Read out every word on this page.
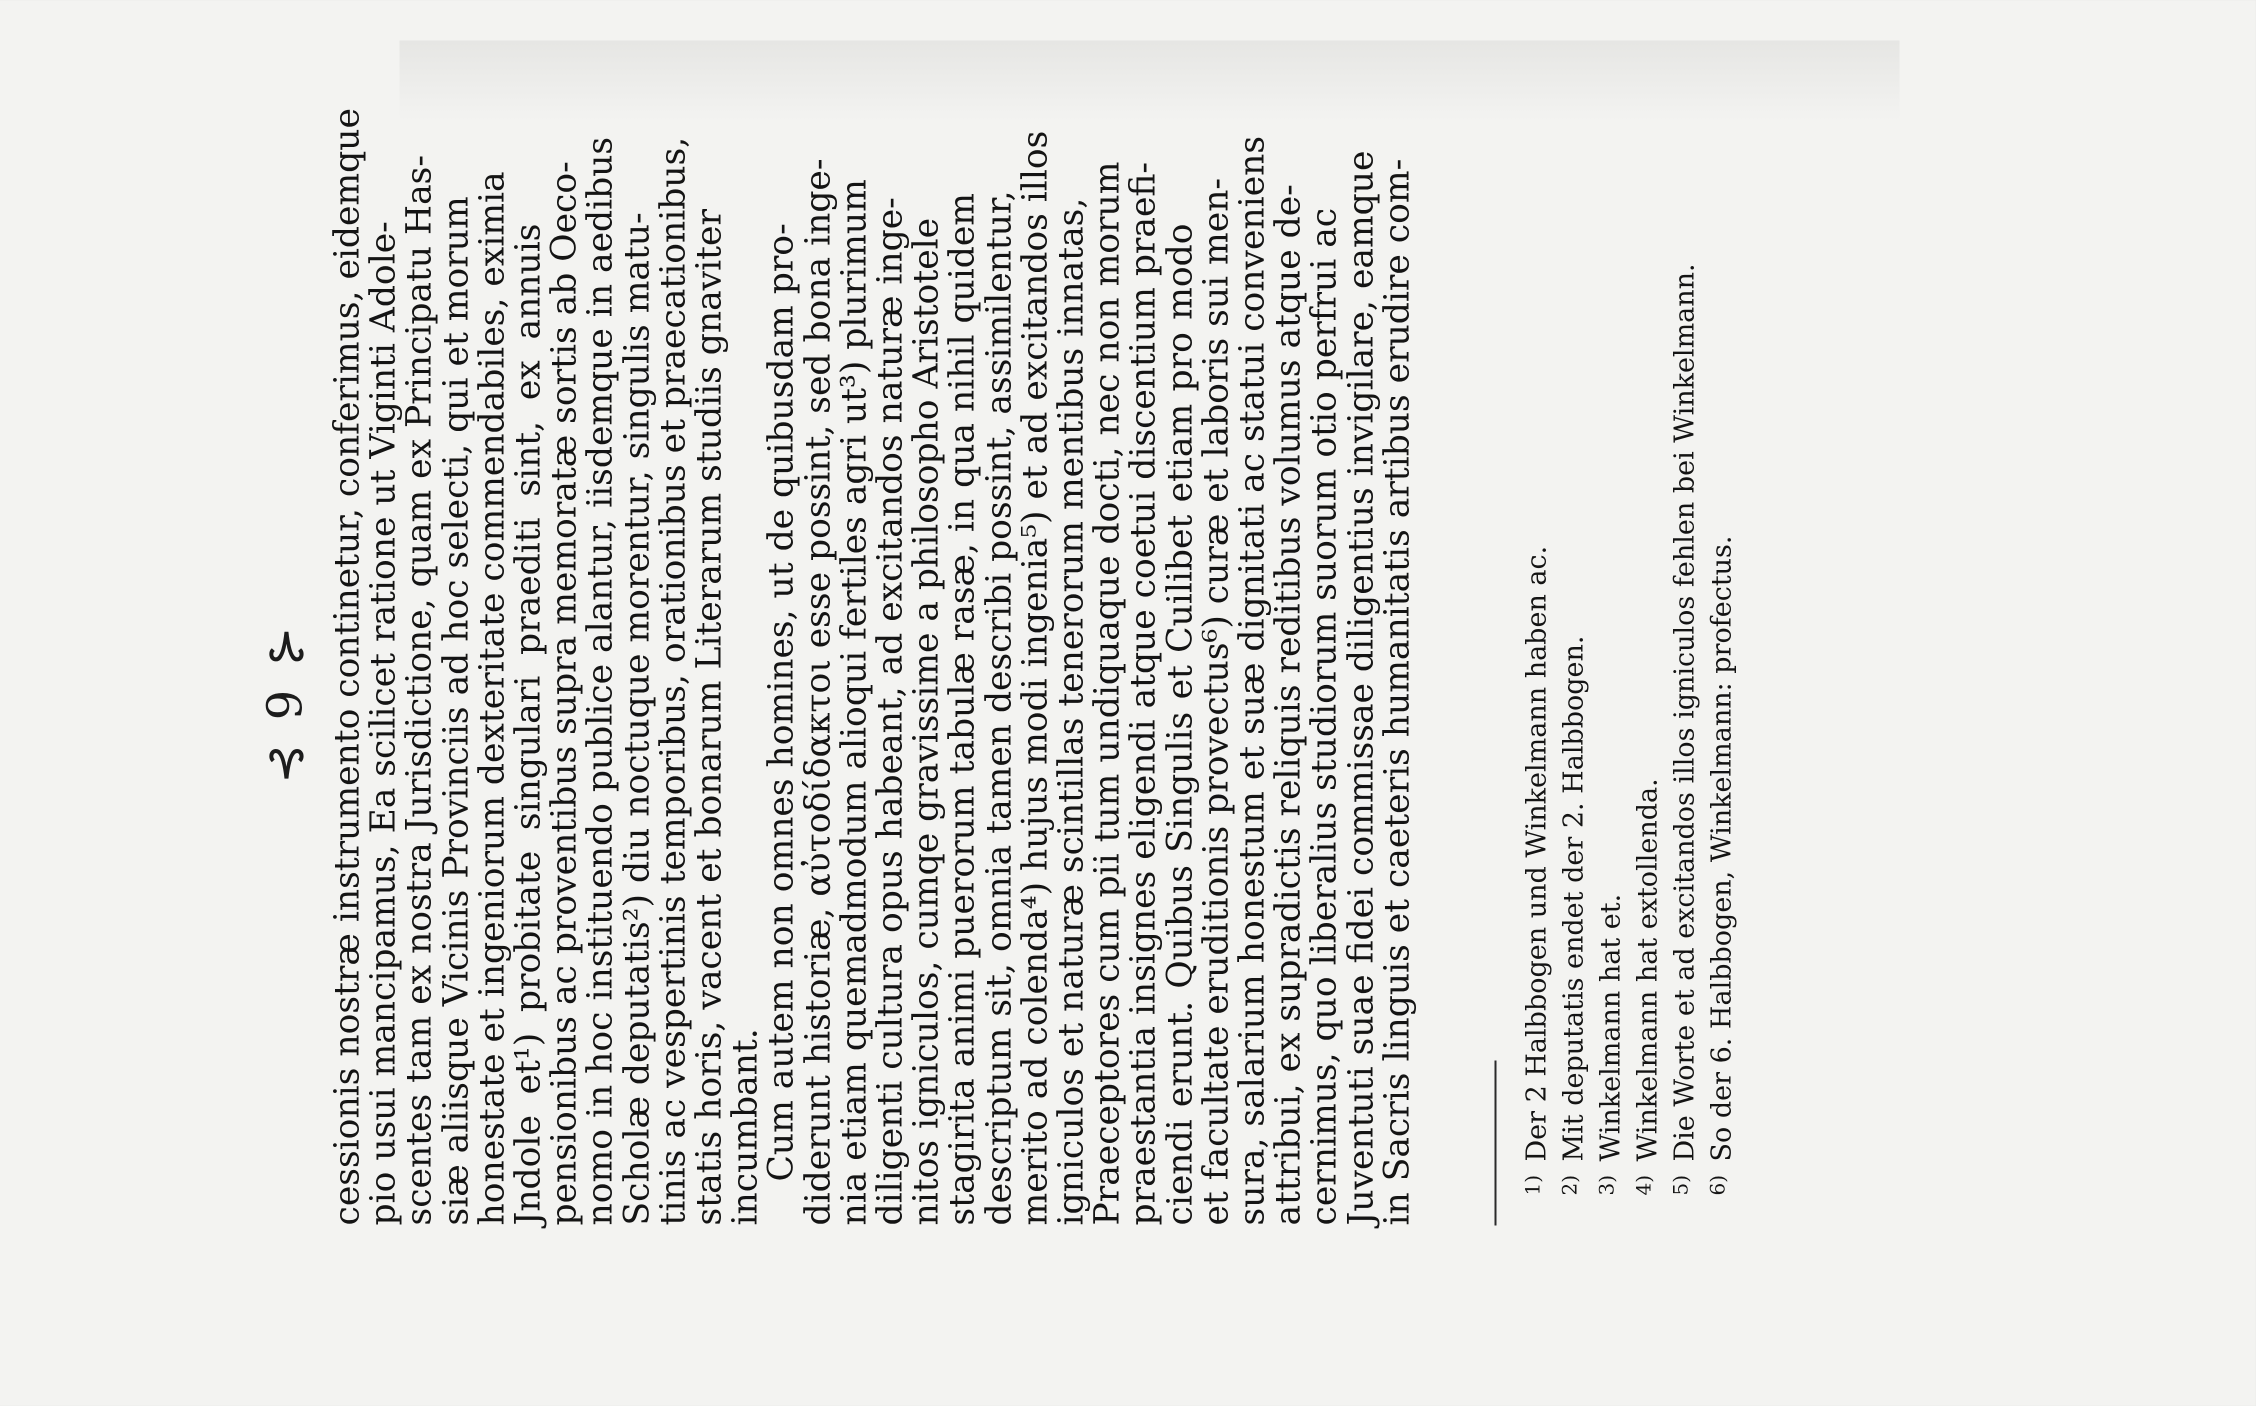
⊰ 9 ⊱ cessionis nostræ instrumento continetur, conferimus, eidemque
pio usui mancipamus, Ea scilicet ratione ut Viginti Adole-
scentes tam ex nostra Jurisdictione, quam ex Principatu Has-
siæ aliisque Vicinis Provinciis ad hoc selecti, qui et morum
honestate et ingeniorum dexteritate commendabiles, eximia
Jndole et¹) probitate singulari praediti sint, ex annuis
pensionibus ac proventibus supra memoratæ sortis ab Oeco-
nomo in hoc instituendo publice alantur, iisdemque in aedibus
Scholæ deputatis²) diu noctuque morentur, singulis matu-
tinis ac vespertinis temporibus, orationibus et praecationibus,
statis horis, vacent et bonarum Literarum studiis gnaviter
incumbant.
Cum autem non omnes homines, ut de quibusdam pro-
diderunt historiæ, αὐτοδίδακτοι esse possint, sed bona inge-
nia etiam quemadmodum alioqui fertiles agri ut³) plurimum
diligenti cultura opus habeant, ad excitandos naturæ inge-
nitos igniculos, cumqe gravissime a philosopho Aristotele
stagirita animi puerorum tabulæ rasæ, in qua nihil quidem
descriptum sit, omnia tamen describi possint, assimilentur,
merito ad colenda⁴) hujus modi ingenia⁵) et ad excitandos illos
igniculos et naturæ scintillas tenerorum mentibus innatas,
Praeceptores cum pii tum undiquaque docti, nec non morum
praestantia insignes eligendi atque coetui discentium praefi-
ciendi erunt. Quibus Singulis et Cuilibet etiam pro modo
et facultate eruditionis provectus⁶) curæ et laboris sui men-
sura, salarium honestum et suæ dignitati ac statui conveniens
attribui, ex supradictis reliquis reditibus volumus atque de-
cernimus, quo liberalius studiorum suorum otio perfrui ac
Juventuti suae fidei commissae diligentius invigilare, eamque
in Sacris linguis et caeteris humanitatis artibus erudire com-	1)Der 2 Halbbogen und Winkelmann haben ac.
2)Mit deputatis endet der 2. Halbbogen.
3)Winkelmann hat et.
4)Winkelmann hat extollenda.
5)Die Worte et ad excitandos illos igniculos fehlen bei Winkelmann.
6)So der 6. Halbbogen, Winkelmann: profectus.
